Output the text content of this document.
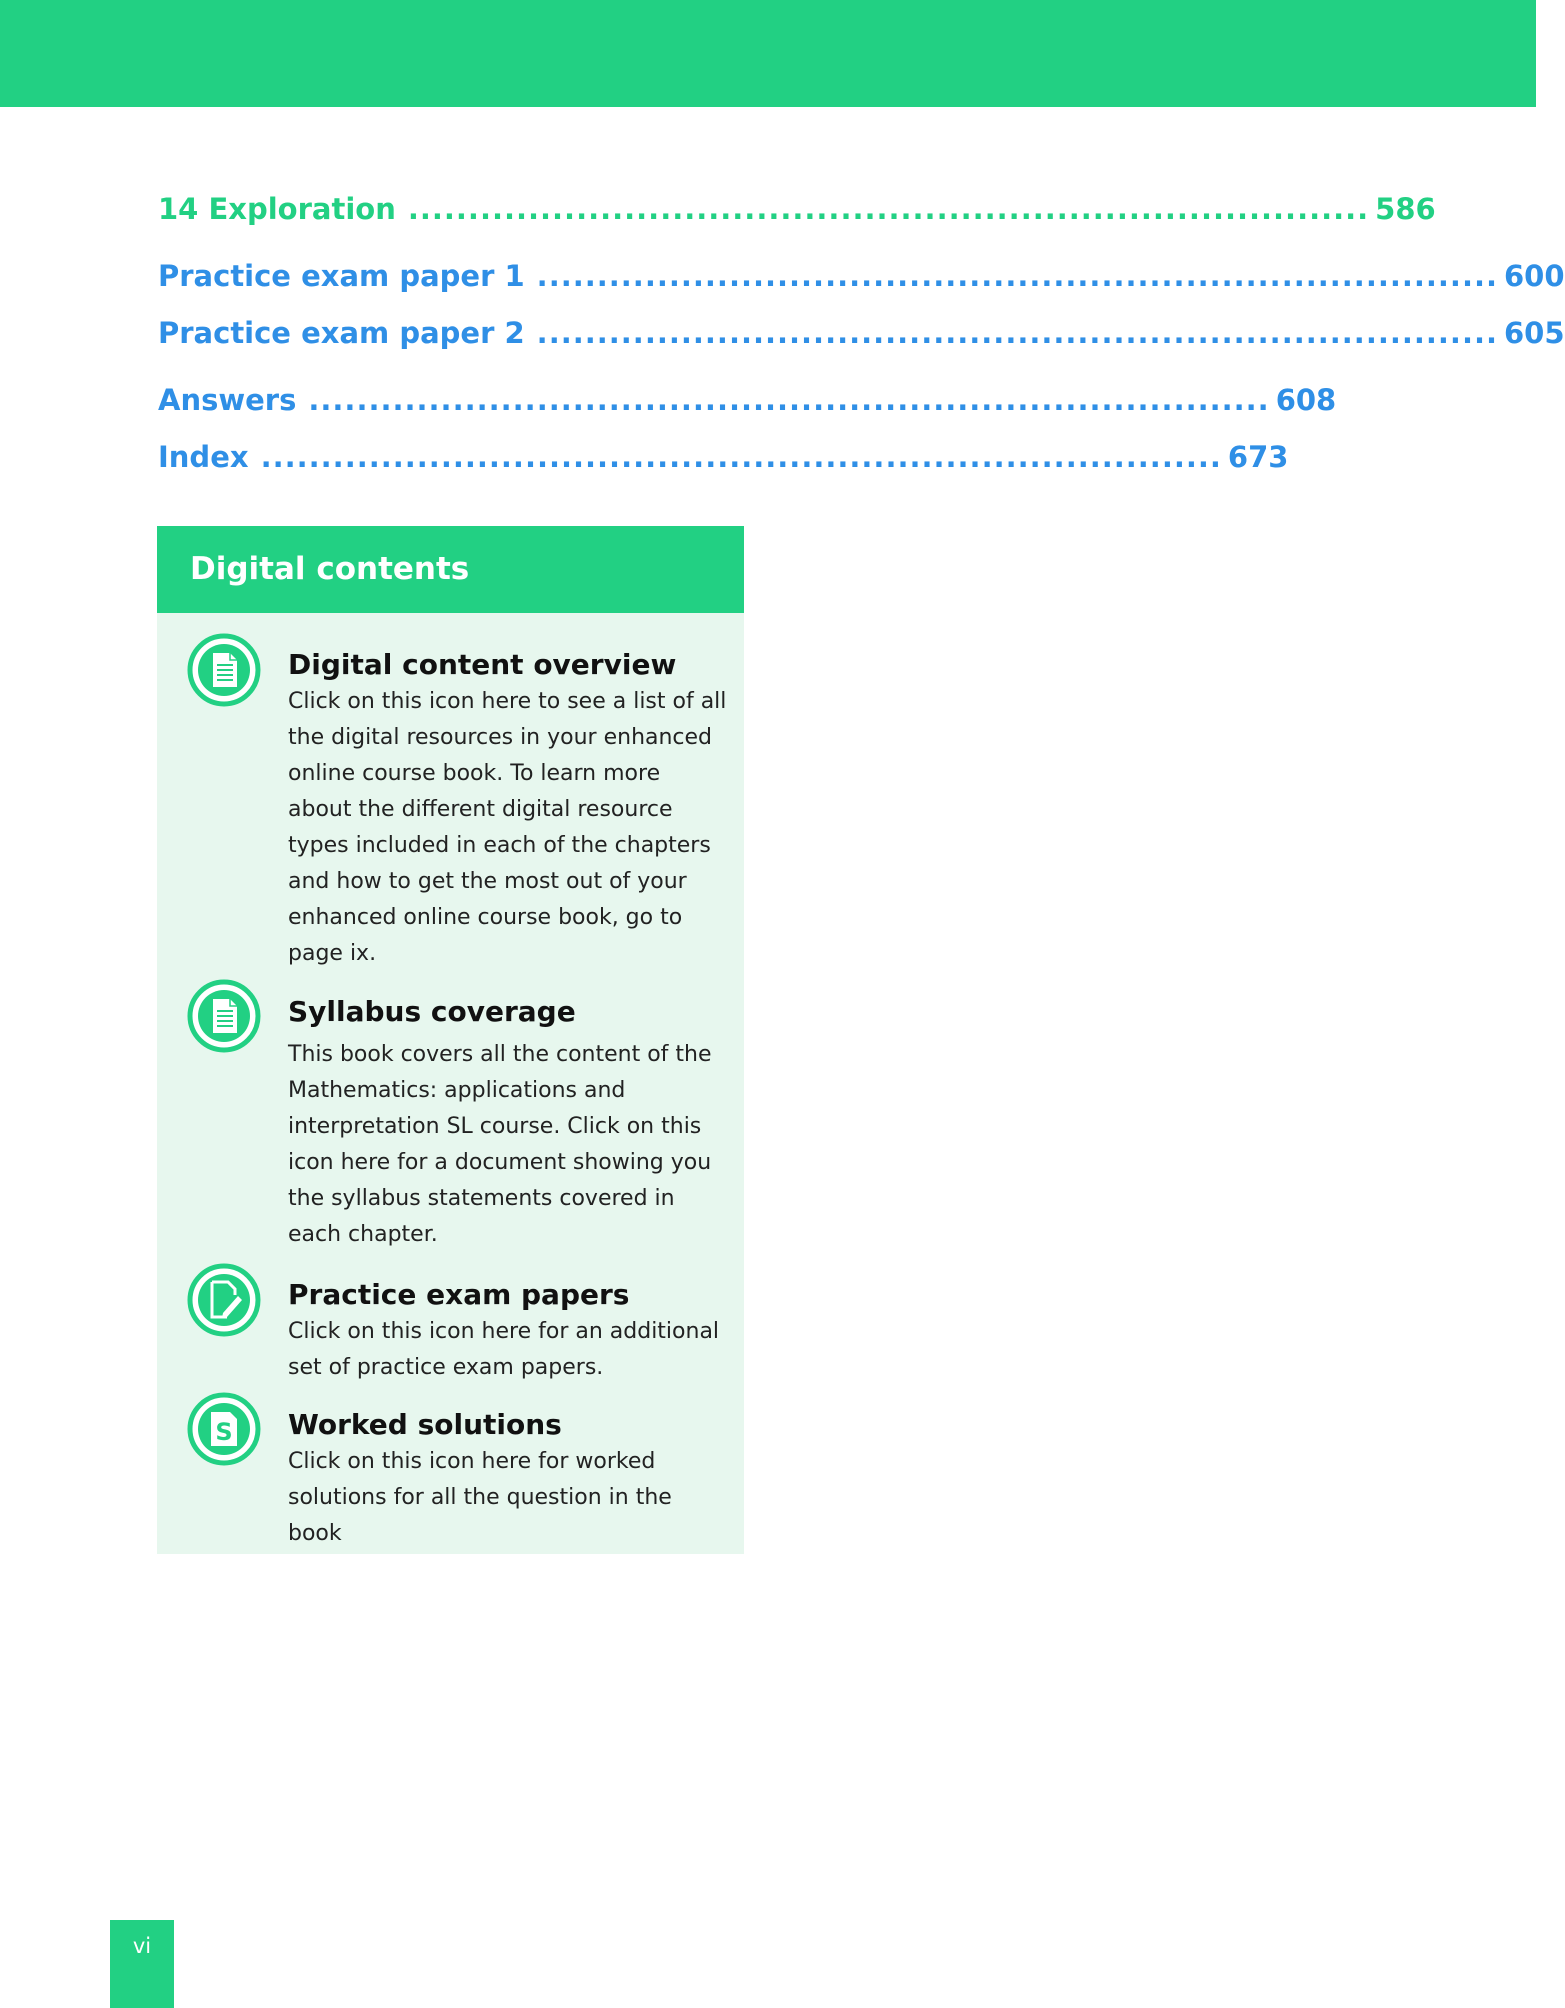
14 Exploration ................................................................................ 586
Practice exam paper 1 ................................................................................ 600
Practice exam paper 2 ................................................................................ 605
Answers ................................................................................ 608
Index ................................................................................ 673
Digital contents

Digital content overview

Click on this icon here to see a list of all the digital resources in your enhanced online course book. To learn more about the different digital resource types included in each of the chapters and how to get the most out of your enhanced online course book, go to page ix.

Syllabus coverage

This book covers all the content of the Mathematics: applications and interpretation SL course. Click on this icon here for a document showing you the syllabus statements covered in each chapter.

Practice exam papers

Click on this icon here for an additional set of practice exam papers.

S Worked solutions

Click on this icon here for worked solutions for all the question in the book

vi
